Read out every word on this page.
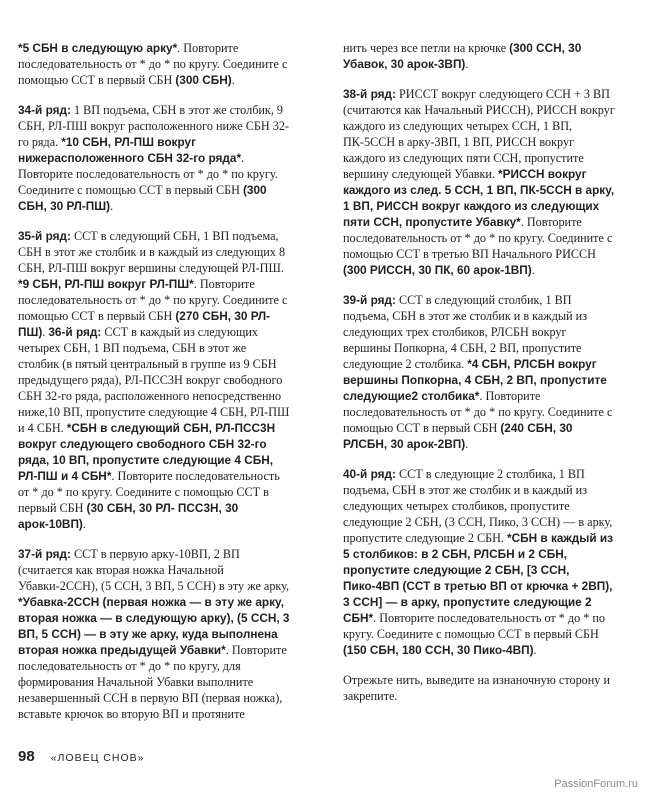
*5 СБН в следующую арку*. Повторите последовательность от * до * по кругу. Соедините с помощью ССТ в первый СБН (300 СБН).

34-й ряд: 1 ВП подъема, СБН в этот же столбик, 9 СБН, РЛ-ПШ вокруг расположенного ниже СБН 32-го ряда. *10 СБН, РЛ-ПШ вокруг нижерасположенного СБН 32-го ряда*. Повторите последовательность от * до * по кругу. Соедините с помощью ССТ в первый СБН (300 СБН, 30 РЛ-ПШ).

35-й ряд: ССТ в следующий СБН, 1 ВП подъема, СБН в этот же столбик и в каждый из следующих 8 СБН, РЛ-ПШ вокруг вершины следующей РЛ-ПШ. *9 СБН, РЛ-ПШ вокруг РЛ-ПШ*. Повторите последовательность от * до * по кругу. Соедините с помощью ССТ в первый СБН (270 СБН, 30 РЛ-ПШ). 36-й ряд: ССТ в каждый из следующих четырех СБН, 1 ВП подъема, СБН в этот же столбик (в пятый центральный в группе из 9 СБН предыдущего ряда), РЛ-ПСС3Н вокруг свободного СБН 32-го ряда, расположенного непосредственно ниже,10 ВП, пропустите следующие 4 СБН, РЛ-ПШ и 4 СБН. *СБН в следующий СБН, РЛ-ПСС3Н вокруг следующего свободного СБН 32-го ряда, 10 ВП, пропустите следующие 4 СБН, РЛ-ПШ и 4 СБН*. Повторите последовательность от * до * по кругу. Соедините с помощью ССТ в первый СБН (30 СБН, 30 РЛ- ПСС3Н, 30 арок-10ВП).

37-й ряд: ССТ в первую арку-10ВП, 2 ВП (считается как вторая ножка Начальной Убавки-2ССН), (5 ССН, 3 ВП, 5 ССН) в эту же арку, *Убавка-2ССН (первая ножка — в эту же арку, вторая ножка — в следующую арку), (5 ССН, 3 ВП, 5 ССН) — в эту же арку, куда выполнена вторая ножка предыдущей Убавки*. Повторите последовательность от * до * по кругу, для формирования Начальной Убавки выполните незавершенный ССН в первую ВП (первая ножка), вставьте крючок во вторую ВП и протяните

нить через все петли на крючке (300 ССН, 30 Убавок, 30 арок-3ВП).

38-й ряд: РИССТ вокруг следующего ССН + 3 ВП (считаются как Начальный РИССН), РИССН вокруг каждого из следующих четырех ССН, 1 ВП, ПК-5ССН в арку-3ВП, 1 ВП, РИССН вокруг каждого из следующих пяти ССН, пропустите вершину следующей Убавки. *РИССН вокруг каждого из след. 5 ССН, 1 ВП, ПК-5ССН в арку, 1 ВП, РИССН вокруг каждого из следующих пяти ССН, пропустите Убавку*. Повторите последовательность от * до * по кругу. Соедините с помощью ССТ в третью ВП Начального РИССН (300 РИССН, 30 ПК, 60 арок-1ВП).

39-й ряд: ССТ в следующий столбик, 1 ВП подъема, СБН в этот же столбик и в каждый из следующих трех столбиков, РЛСБН вокруг вершины Попкорна, 4 СБН, 2 ВП, пропустите следующие 2 столбика. *4 СБН, РЛСБН вокруг вершины Попкорна, 4 СБН, 2 ВП, пропустите следующие2 столбика*. Повторите последовательность от * до * по кругу. Соедините с помощью ССТ в первый СБН (240 СБН, 30 РЛСБН, 30 арок-2ВП).

40-й ряд: ССТ в следующие 2 столбика, 1 ВП подъема, СБН в этот же столбик и в каждый из следующих четырех столбиков, пропустите следующие 2 СБН, (3 ССН, Пико, 3 ССН) — в арку, пропустите следующие 2 СБН. *СБН в каждый из 5 столбиков: в 2 СБН, РЛСБН и 2 СБН, пропустите следующие 2 СБН, [3 ССН, Пико-4ВП (ССТ в третью ВП от крючка + 2ВП), 3 ССН] — в арку, пропустите следующие 2 СБН*. Повторите последовательность от * до * по кругу. Соедините с помощью ССТ в первый СБН (150 СБН, 180 ССН, 30 Пико-4ВП).

Отрежьте нить, выведите на изнаночную сторону и закрепите.

98 «ЛОВЕЦ СНОВ»
PassionForum.ru
